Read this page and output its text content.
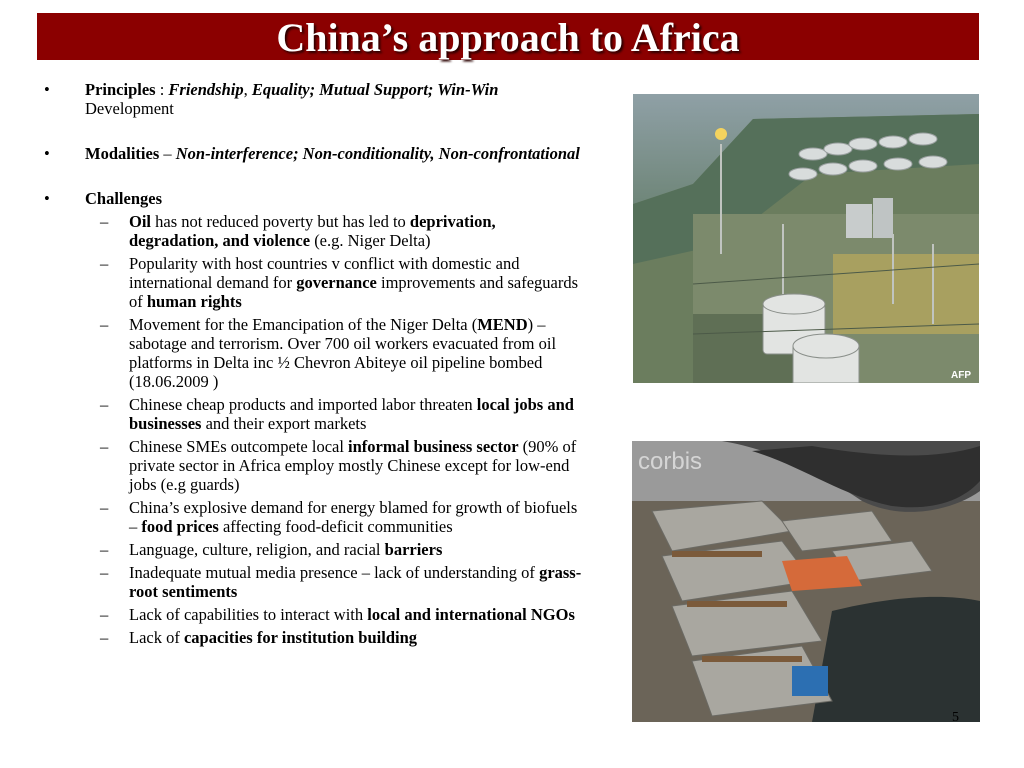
China’s approach to Africa
• Principles : Friendship, Equality; Mutual Support; Win-Win Development
• Modalities – Non-interference; Non-conditionality, Non-confrontational
• Challenges
– Oil has not reduced poverty but has led to deprivation, degradation, and violence (e.g. Niger Delta)
– Popularity with host countries v conflict with domestic and international demand for governance improvements and safeguards of human rights
– Movement for the Emancipation of the Niger Delta (MEND) – sabotage and terrorism. Over 700 oil workers evacuated from oil platforms in Delta inc ½ Chevron Abiteye oil pipeline bombed (18.06.2009 )
– Chinese cheap products and imported labor threaten local jobs and businesses and their export markets
– Chinese SMEs outcompete local informal business sector (90% of private sector in Africa employ mostly Chinese except for low-end jobs (e.g guards)
– China’s explosive demand for energy blamed for growth of biofuels – food prices affecting food-deficit communities
– Language, culture, religion, and racial barriers
– Inadequate mutual media presence – lack of understanding of grass-root sentiments
– Lack of capabilities to interact with local and international NGOs
– Lack of capacities for institution building
AFP
corbis
5
